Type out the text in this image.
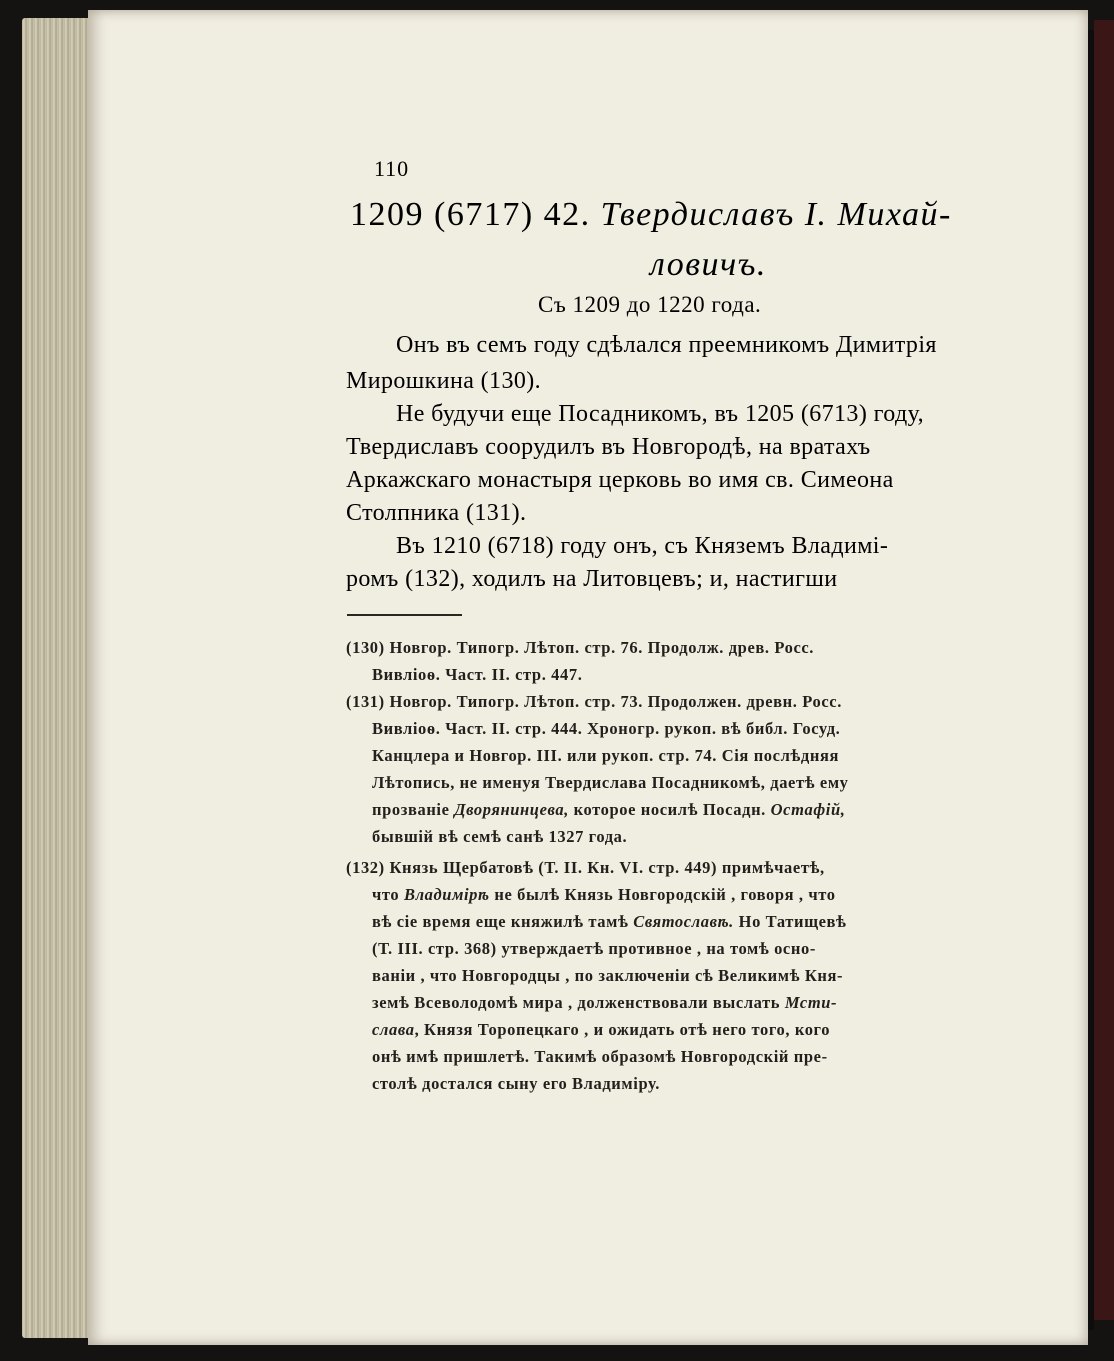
110
1209 (6717) 42. Твердиславъ I. Михай-
ловичъ.
Съ 1209 до 1220 года.
Онъ въ семъ году сдѣлался преемникомъ Димитрія
Мирошкина (130).
Не будучи еще Посадникомъ, въ 1205 (6713) году,
Твердиславъ соорудилъ въ Новгородѣ, на вратахъ
Аркажскаго монастыря церковь во имя св. Симеона
Столпника (131).
Въ 1210 (6718) году онъ, съ Княземъ Владимі-
ромъ (132), ходилъ на Литовцевъ; и, настигши
(130) Новгор. Типогр. Лѣтоп. стр. 76. Продолж. древ. Росс.
Вивліоѳ. Част. II. стр. 447.
(131) Новгор. Типогр. Лѣтоп. стр. 73. Продолжен. древн. Росс.
Вивліоѳ. Част. II. стр. 444. Хроногр. рукоп. вѣ библ. Госуд.
Канцлера и Новгор. III. или рукоп. стр. 74. Сія послѣдняя
Лѣтопись, не именуя Твердислава Посадникомѣ, даетѣ ему
прозваніе Дворянинцева, которое носилѣ Посадн. Остафій,
бывшій вѣ семѣ санѣ 1327 года.
(132) Князь Щербатовѣ (Т. II. Кн. VI. стр. 449) примѣчаетѣ,
что Владимірѣ не былѣ Князь Новгородскій , говоря , что
вѣ сіе время еще княжилѣ тамѣ Святославѣ. Но Татищевѣ
(Т. III. стр. 368) утверждаетѣ противное , на томѣ осно-
ваніи , что Новгородцы , по заключеніи сѣ Великимѣ Кня-
земѣ Всеволодомѣ мира , долженствовали выслать Мсти-
слава, Князя Торопецкаго , и ожидать отѣ него того, кого
онѣ имѣ пришлетѣ. Такимѣ образомѣ Новгородскій пре-
столѣ достался сыну его Владиміру.
